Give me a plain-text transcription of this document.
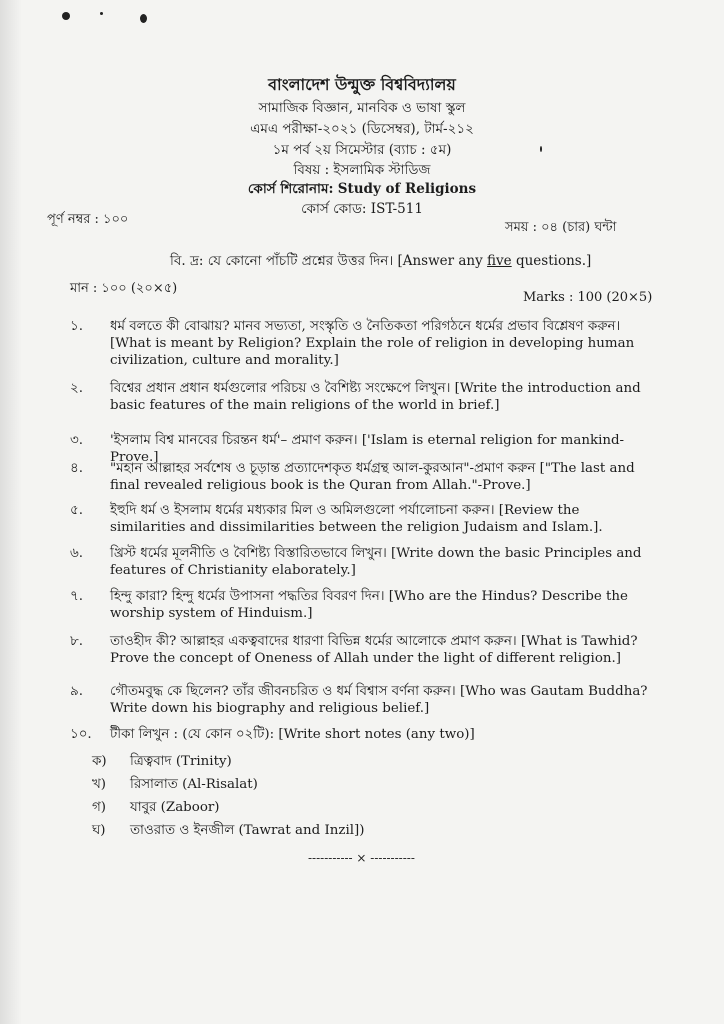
বাংলাদেশ উন্মুক্ত বিশ্ববিদ্যালয়
সামাজিক বিজ্ঞান, মানবিক ও ভাষা স্কুল
এমএ পরীক্ষা-২০২১ (ডিসেম্বর), টার্ম-২১২
১ম পর্ব ২য় সিমেস্টার (ব্যাচ : ৫ম)
বিষয় : ইসলামিক স্টাডিজ
কোর্স শিরোনাম: Study of Religions
কোর্স কোড: IST-511
পূর্ণ নম্বর : ১০০
সময় : ০৪ (চার) ঘন্টা
বি. দ্র: যে কোনো পাঁচটি প্রশ্নের উত্তর দিন। [Answer any five questions.]
মান : ১০০ (২০×৫)
Marks : 100 (20×5)
১.	ধর্ম বলতে কী বোঝায়? মানব সভ্যতা, সংস্কৃতি ও নৈতিকতা পরিগঠনে ধর্মের প্রভাব বিশ্লেষণ করুন। [What is meant by Religion? Explain the role of religion in developing human civilization, culture and morality.]
২.	বিশ্বের প্রধান প্রধান ধর্মগুলোর পরিচয় ও বৈশিষ্ট্য সংক্ষেপে লিখুন। [Write the introduction and basic features of the main religions of the world in brief.]
৩.	'ইসলাম বিশ্ব মানবের চিরন্তন ধর্ম'– প্রমাণ করুন। ['Islam is eternal religion for mankind-Prove.]
৪.	"মহান আল্লাহর সর্বশেষ ও চূড়ান্ত প্রত্যাদেশকৃত ধর্মগ্রন্থ আল-কুরআন"-প্রমাণ করুন ["The last and final revealed religious book is the Quran from Allah."-Prove.]
৫.	ইহুদি ধর্ম ও ইসলাম ধর্মের মধ্যকার মিল ও অমিলগুলো পর্যালোচনা করুন। [Review the similarities and dissimilarities between the religion Judaism and Islam.].
৬.	খ্রিস্ট ধর্মের মূলনীতি ও বৈশিষ্ট্য বিস্তারিতভাবে লিখুন। [Write down the basic Principles and features of Christianity elaborately.]
৭.	হিন্দু কারা? হিন্দু ধর্মের উপাসনা পদ্ধতির বিবরণ দিন। [Who are the Hindus? Describe the worship system of Hinduism.]
৮.	তাওহীদ কী? আল্লাহর একত্ববাদের ধারণা বিভিন্ন ধর্মের আলোকে প্রমাণ করুন। [What is Tawhid? Prove the concept of Oneness of Allah under the light of different religion.]
৯.	গৌতমবুদ্ধ কে ছিলেন? তাঁর জীবনচরিত ও ধর্ম বিশ্বাস বর্ণনা করুন। [Who was Gautam Buddha? Write down his biography and religious belief.]
১০.	টীকা লিখুন : (যে কোন ০২টি): [Write short notes (any two)]
ক) ত্রিত্ববাদ (Trinity)
খ) রিসালাত (Al-Risalat)
গ) যাবুর (Zaboor)
ঘ) তাওরাত ও ইনজীল (Tawrat and Inzil])
----------- × -----------
